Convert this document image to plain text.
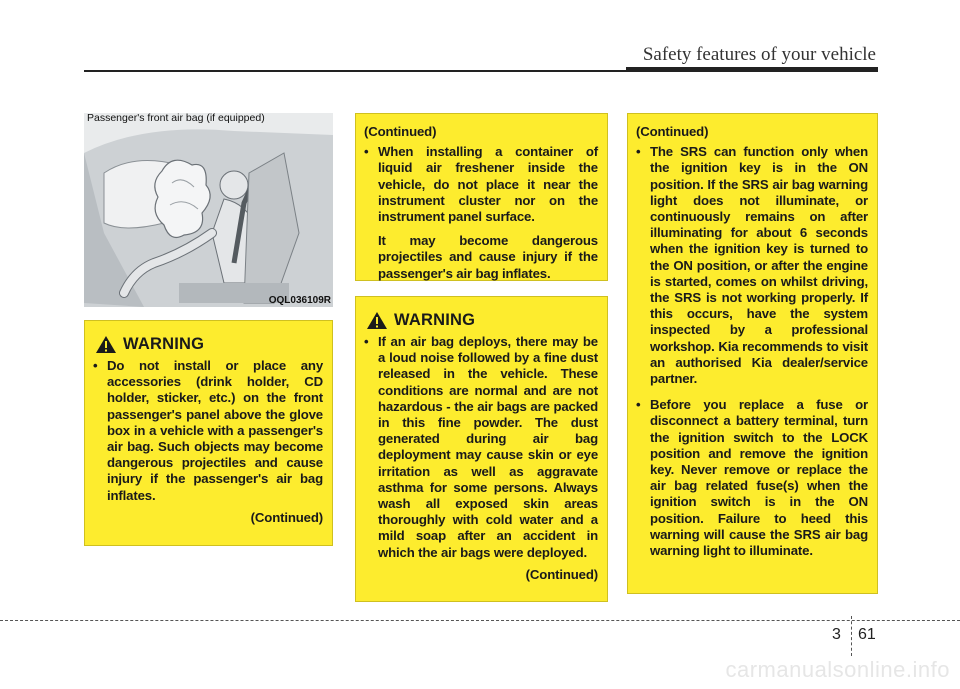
Safety features of your vehicle
OQL036109R
Passenger's front air bag (if equipped)
WARNING
• Do not install or place any accessories (drink holder, CD holder, sticker, etc.) on the front passenger's panel above the glove box in a vehicle with a passenger's air bag. Such objects may become dangerous projectiles and cause injury if the passenger's air bag inflates.
(Continued)
(Continued)
• When installing a container of liquid air freshener inside the vehicle, do not place it near the instrument cluster nor on the instrument panel surface.
It may become dangerous projectiles and cause injury if the passenger's air bag inflates.
WARNING
• If an air bag deploys, there may be a loud noise followed by a fine dust released in the vehicle. These conditions are normal and are not hazardous - the air bags are packed in this fine powder. The dust generated during air bag deployment may cause skin or eye irritation as well as aggravate asthma for some persons. Always wash all exposed skin areas thoroughly with cold water and a mild soap after an accident in which the air bags were deployed.
(Continued)
(Continued)
• The SRS can function only when the ignition key is in the ON position. If the SRS air bag warning light does not illuminate, or continuously remains on after illuminating for about 6 seconds when the ignition key is turned to the ON position, or after the engine is started, comes on whilst driving, the SRS is not working properly. If this occurs, have the system inspected by a professional workshop. Kia recommends to visit an authorised Kia dealer/service partner.
• Before you replace a fuse or disconnect a battery terminal, turn the ignition switch to the LOCK position and remove the ignition key. Never remove or replace the air bag related fuse(s) when the ignition switch is in the ON position. Failure to heed this warning will cause the SRS air bag warning light to illuminate.
3 61
carmanualsonline.info
